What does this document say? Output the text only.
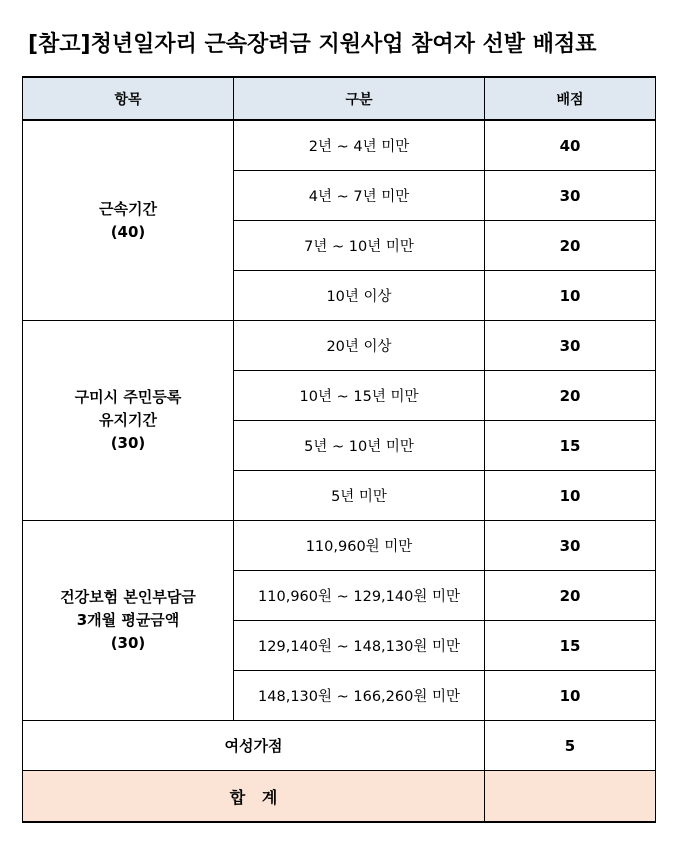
[참고]청년일자리 근속장려금 지원사업 참여자 선발 배점표
항목	구분	배점

근속기간
(40)	2년 ~ 4년 미만	40
	4년 ~ 7년 미만	30
	7년 ~ 10년 미만	20
	10년 이상	10

구미시 주민등록
유지기간
(30)	20년 이상	30
	10년 ~ 15년 미만	20
	5년 ~ 10년 미만	15
	5년 미만	10

건강보험 본인부담금
3개월 평균금액
(30)	110,960원 미만	30
	110,960원 ~ 129,140원 미만	20
	129,140원 ~ 148,130원 미만	15
	148,130원 ~ 166,260원 미만	10
여성가점		5
합   계		
